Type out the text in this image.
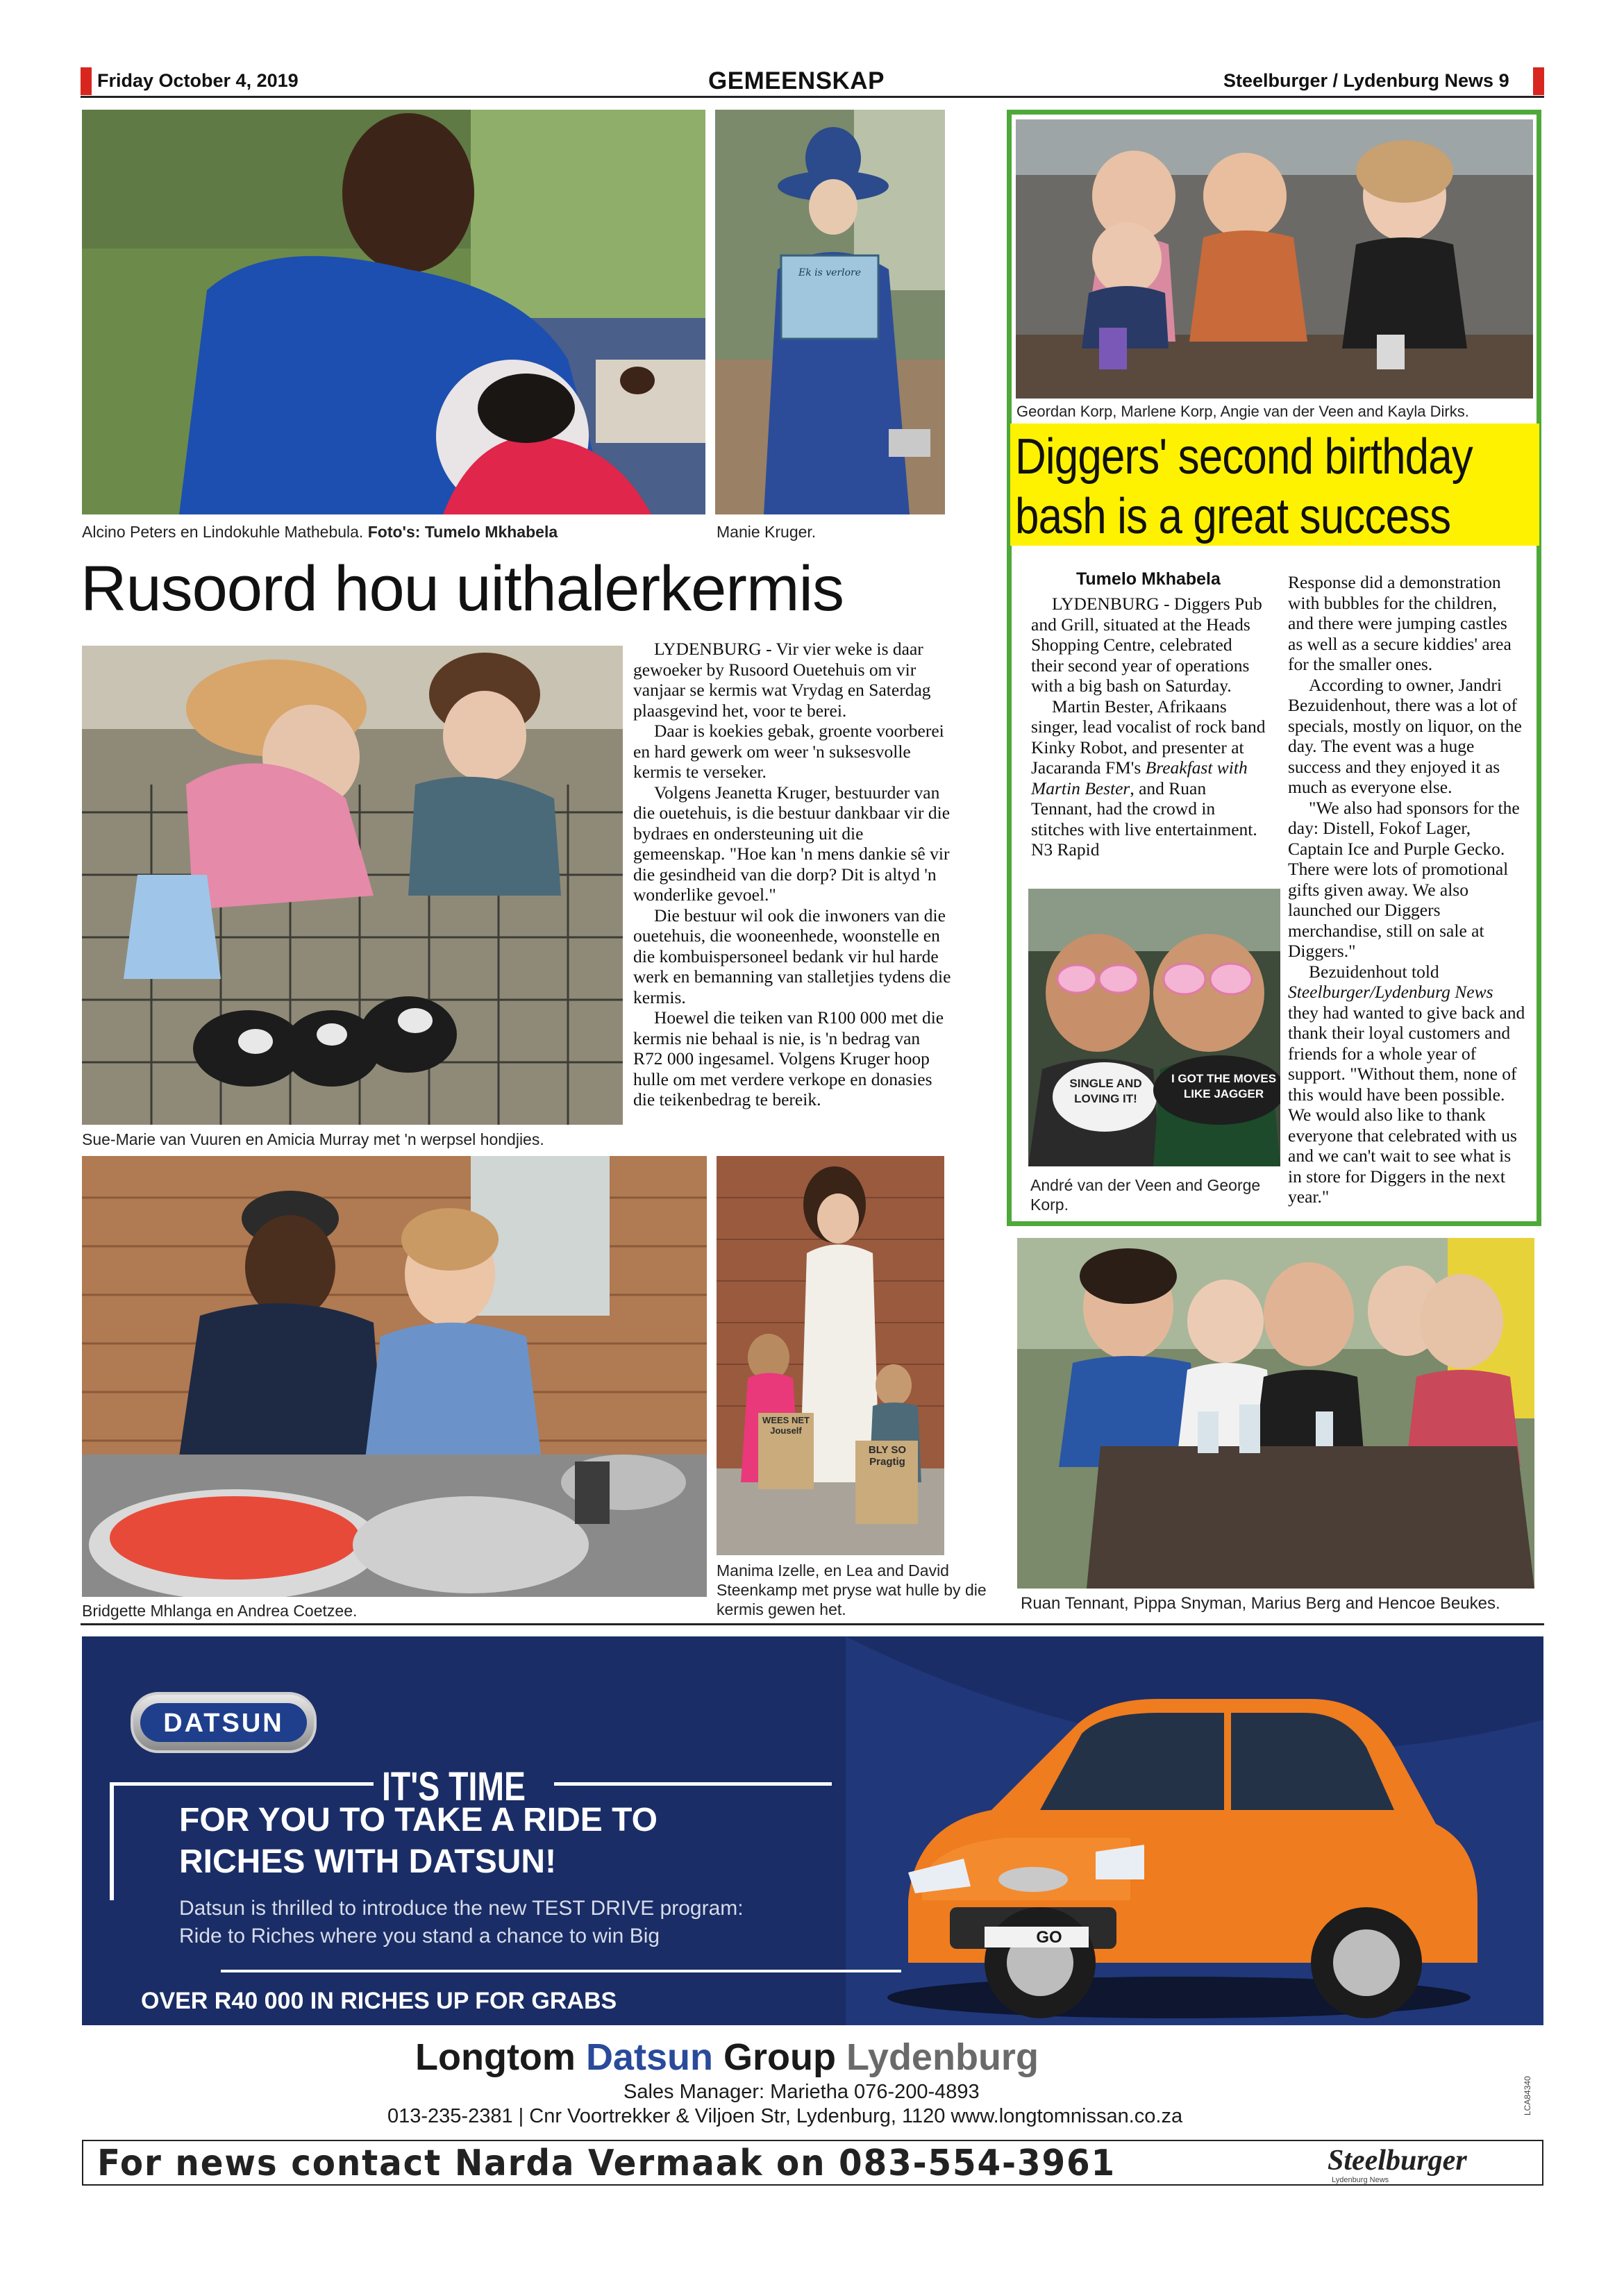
Friday October 4, 2019	GEMEENSKAP	Steelburger / Lydenburg News 9
Ek is verlore
Alcino Peters en Lindokuhle Mathebula. Foto's: Tumelo Mkhabela	Manie Kruger.
Rusoord hou uithalerkermis
Sue-Marie van Vuuren en Amicia Murray met 'n werpsel hondjies.

LYDENBURG - Vir vier weke is daar gewoeker by Rusoord Ouetehuis om vir vanjaar se kermis wat Vrydag en Saterdag plaasgevind het, voor te berei.

Daar is koekies gebak, groente voorberei en hard gewerk om weer 'n suksesvolle kermis te verseker.

Volgens Jeanetta Kruger, bestuurder van die ouetehuis, is die bestuur dankbaar vir die bydraes en ondersteuning uit die gemeenskap. "Hoe kan 'n mens dankie sê vir die gesindheid van die dorp? Dit is altyd 'n wonderlike gevoel."

Die bestuur wil ook die inwoners van die ouetehuis, die wooneenhede, woonstelle en die kombuispersoneel bedank vir hul harde werk en bemanning van stalletjies tydens die kermis.

Hoewel die teiken van R100 000 met die kermis nie behaal is nie, is 'n bedrag van R72 000 ingesamel. Volgens Kruger hoop hulle om met verdere verkope en donasies die teikenbedrag te bereik.

Bridgette Mhlanga en Andrea Coetzee.
WEES NET Jouself
BLY SO Pragtig
Manima Izelle, en Lea and David Steenkamp met pryse wat hulle by die kermis gewen het.
Geordan Korp, Marlene Korp, Angie van der Veen and Kayla Dirks.
Diggers' second birthday
bash is a great success
Tumelo Mkhabela

LYDENBURG - Diggers Pub and Grill, situated at the Heads Shopping Centre, celebrated their second year of operations with a big bash on Saturday.

Martin Bester, Afrikaans singer, lead vocalist of rock band Kinky Robot, and presenter at Jacaranda FM's Breakfast with Martin Bester, and Ruan Tennant, had the crowd in stitches with live entertainment. N3 Rapid

SINGLE AND LOVING IT!
I GOT THE MOVES LIKE JAGGER
André van der Veen and George Korp.

Response did a demonstration with bubbles for the children, and there were jumping castles as well as a secure kiddies' area for the smaller ones.

According to owner, Jandri Bezuidenhout, there was a lot of specials, mostly on liquor, on the day. The event was a huge success and they enjoyed it as much as everyone else.

"We also had sponsors for the day: Distell, Fokof Lager, Captain Ice and Purple Gecko. There were lots of promotional gifts given away. We also launched our Diggers merchandise, still on sale at Diggers."

Bezuidenhout told Steelburger/Lydenburg News they had wanted to give back and thank their loyal customers and friends for a whole year of support. "Without them, none of this would have been possible. We would also like to thank everyone that celebrated with us and we can't wait to see what is in store for Diggers in the next year."

Ruan Tennant, Pippa Snyman, Marius Berg and Hencoe Beukes.
DATSUN
IT'S TIME
FOR YOU TO TAKE A RIDE TO
RICHES WITH DATSUN!
Datsun is thrilled to introduce the new TEST DRIVE program:
Ride to Riches where you stand a chance to win Big
OVER R40 000 IN RICHES UP FOR GRABS
GO
Longtom Datsun Group Lydenburg
Sales Manager: Marietha 076-200-4893
013-235-2381 | Cnr Voortrekker & Viljoen Str, Lydenburg, 1120 www.longtomnissan.co.za
LCA84340
For news contact Narda Vermaak on 083-554-3961	Steelburger
Lydenburg News
